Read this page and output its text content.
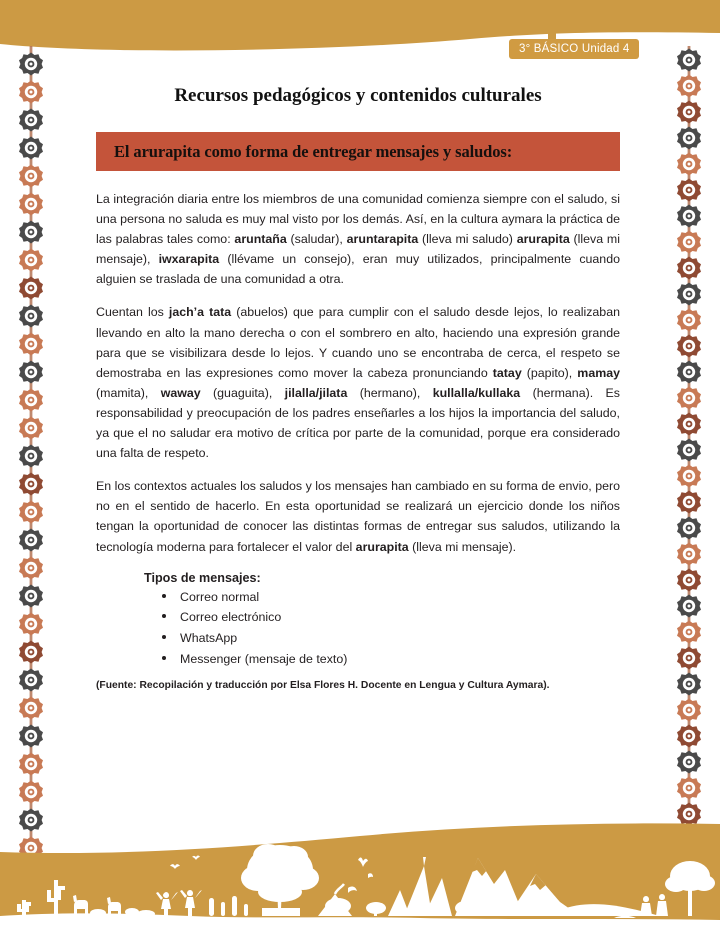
3° BÁSICO Unidad 4
Recursos pedagógicos y contenidos culturales
El arurapita como forma de entregar mensajes y saludos:

La integración diaria entre los miembros de una comunidad comienza siempre con el saludo, si una persona no saluda es muy mal visto por los demás. Así, en la cultura aymara la práctica de las palabras tales como: aruntaña (saludar), aruntarapita (lleva mi saludo) arurapita (lleva mi mensaje), iwxarapita (llévame un consejo), eran muy utilizados, principalmente cuando alguien se traslada de una comunidad a otra.

Cuentan los jach’a tata (abuelos) que para cumplir con el saludo desde lejos, lo realizaban llevando en alto la mano derecha o con el sombrero en alto, haciendo una expresión grande para que se visibilizara desde lo lejos. Y cuando uno se encontraba de cerca, el respeto se demostraba en las expresiones como mover la cabeza pronunciando tatay (papito), mamay (mamita), waway (guaguita), jilalla/jilata (hermano), kullalla/kullaka (hermana). Es responsabilidad y preocupación de los padres enseñarles a los hijos la importancia del saludo, ya que el no saludar era motivo de crítica por parte de la comunidad, porque era considerado una falta de respeto.

En los contextos actuales los saludos y los mensajes han cambiado en su forma de envio, pero no en el sentido de hacerlo. En esta oportunidad se realizará un ejercicio donde los niños tengan la oportunidad de conocer las distintas formas de entregar sus saludos, utilizando la tecnología moderna para fortalecer el valor del arurapita (lleva mi mensaje).

Tipos de mensajes:

Correo normal
Correo electrónico
WhatsApp
Messenger (mensaje de texto)

(Fuente: Recopilación y traducción por Elsa Flores H. Docente en Lengua y Cultura Aymara).
